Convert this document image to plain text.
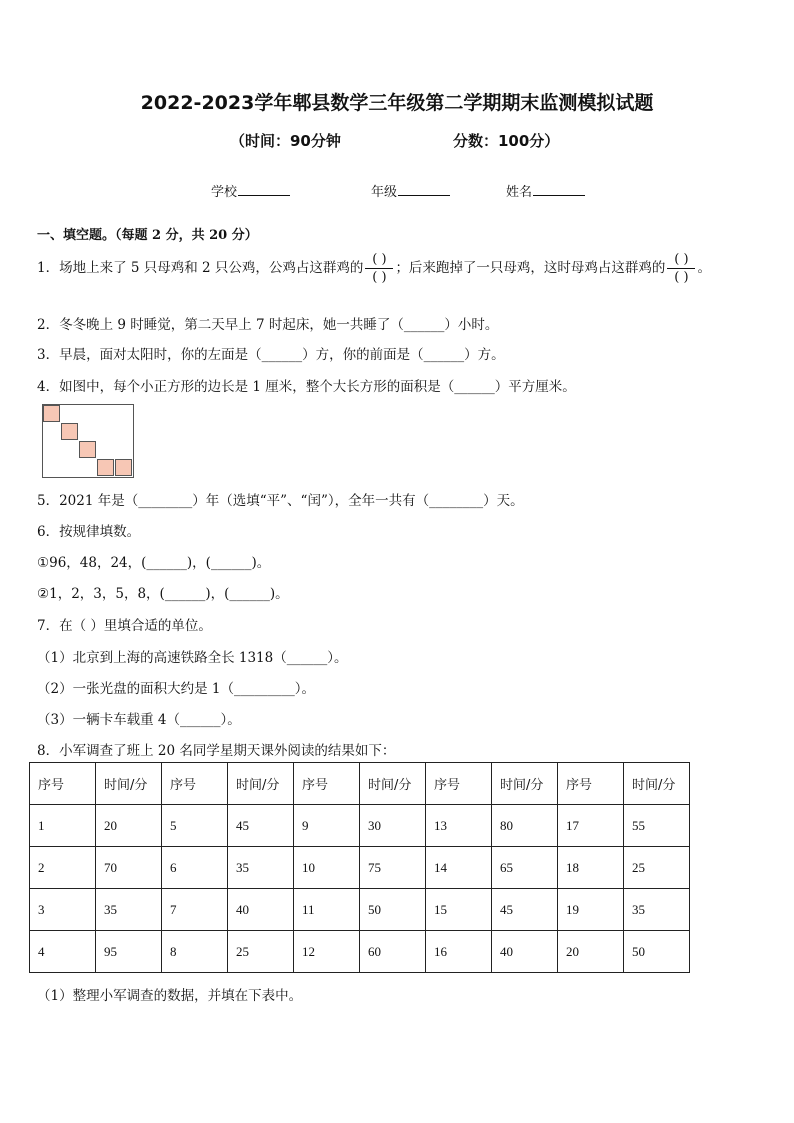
2022-2023学年郫县数学三年级第二学期期末监测模拟试题
（时间：90分钟	分数：100分）
学校	年级	姓名
一、填空题。（每题 2 分，共 20 分）
1．场地上来了 5 只母鸡和 2 只公鸡，公鸡占这群鸡的 $\frac{( )}{( )}$ ；后来跑掉了一只母鸡，这时母鸡占这群鸡的 $\frac{( )}{( )}$ 。
2．冬冬晚上 9 时睡觉，第二天早上 7 时起床，她一共睡了（______）小时。
3．早晨，面对太阳时，你的左面是（______）方，你的前面是（______）方。
4．如图中，每个小正方形的边长是 1 厘米，整个大长方形的面积是（______）平方厘米。
5．2021 年是（________）年（选填“平”、“闰”），全年一共有（________）天。
6．按规律填数。
①96，48，24，(______)，(______)。
②1，2，3，5，8，(______)，(______)。
7．在（ ）里填合适的单位。
（1）北京到上海的高速铁路全长 1318（______）。
（2）一张光盘的面积大约是 1（_________）。
（3）一辆卡车载重 4（______）。
8．小军调查了班上 20 名同学星期天课外阅读的结果如下：
序号	时间/分	序号	时间/分	序号	时间/分	序号	时间/分	序号	时间/分
1	20	5	45	9	30	13	80	17	55
2	70	6	35	10	75	14	65	18	25
3	35	7	40	11	50	15	45	19	35
4	95	8	25	12	60	16	40	20	50
（1）整理小军调查的数据，并填在下表中。
